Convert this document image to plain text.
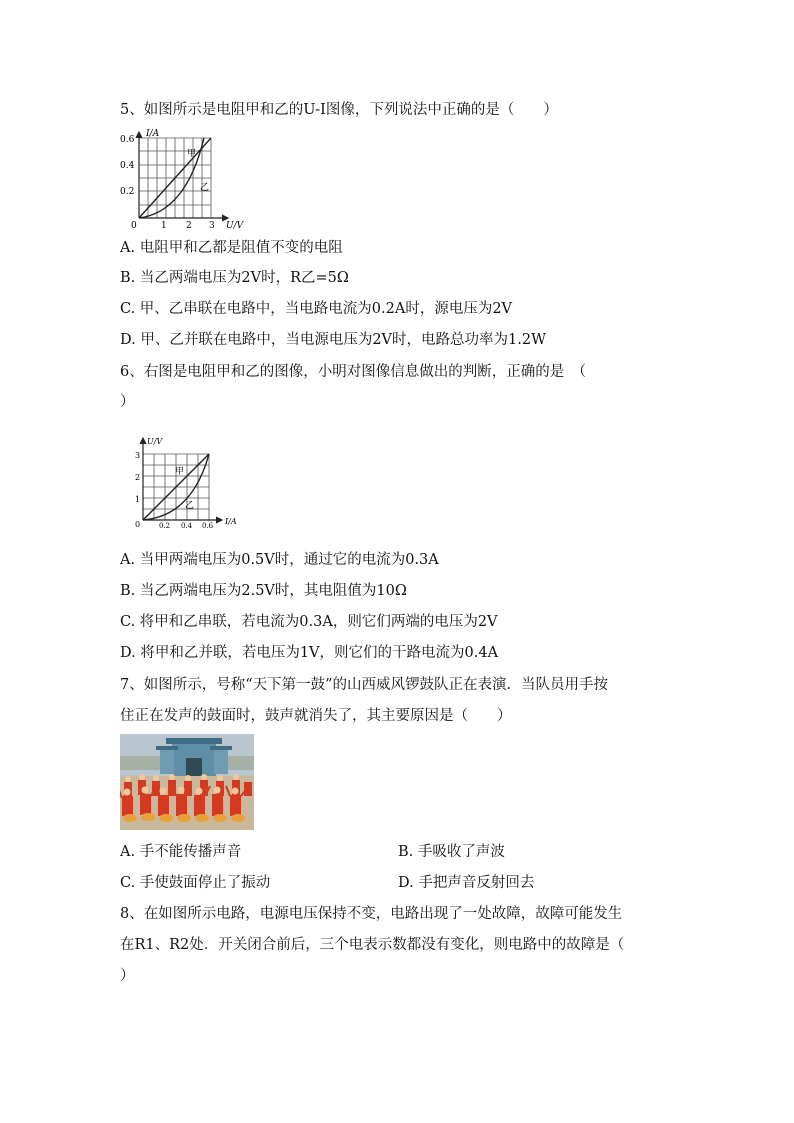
5、如图所示是电阻甲和乙的U-I图像，下列说法中正确的是（　　）
I/A
U/V
0
0.2
0.4
0.6
1 2 3
甲
乙
A. 电阻甲和乙都是阻值不变的电阻
B. 当乙两端电压为2V时，R乙=5Ω
C. 甲、乙串联在电路中，当电路电流为0.2A时，源电压为2V
D. 甲、乙并联在电路中，当电源电压为2V时，电路总功率为1.2W
6、右图是电阻甲和乙的图像，小明对图像信息做出的判断，正确的是　（
）
U/V
I/A
0
1
2
3
0.2 0.4 0.6
甲
乙
A. 当甲两端电压为0.5V时，通过它的电流为0.3A
B. 当乙两端电压为2.5V时，其电阻值为10Ω
C. 将甲和乙串联，若电流为0.3A，则它们两端的电压为2V
D. 将甲和乙并联，若电压为1V，则它们的干路电流为0.4A
7、如图所示，号称“天下第一鼓”的山西威风锣鼓队正在表演．当队员用手按
住正在发声的鼓面时，鼓声就消失了，其主要原因是（　　）
A. 手不能传播声音	B. 手吸收了声波
C. 手使鼓面停止了振动	D. 手把声音反射回去
8、在如图所示电路，电源电压保持不变，电路出现了一处故障，故障可能发生
在R1、R2处．开关闭合前后，三个电表示数都没有变化，则电路中的故障是（
）
